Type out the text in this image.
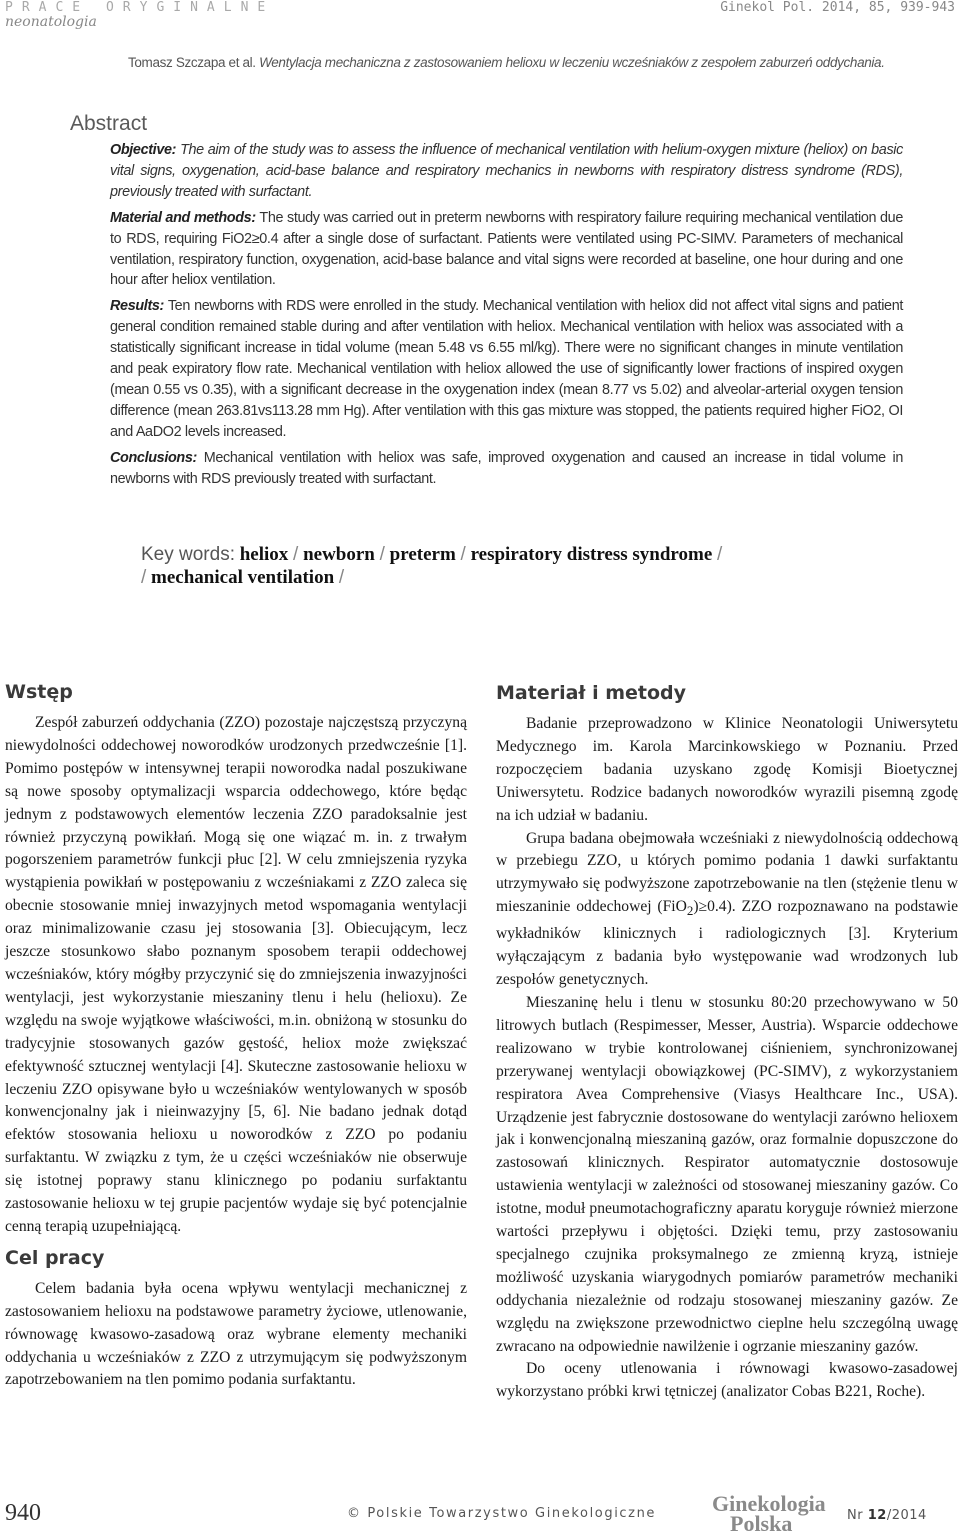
PRACE ORYGINALNE
neonatologia
Ginekol Pol. 2014, 85, 939-943
Tomasz Szczapa et al. Wentylacja mechaniczna z zastosowaniem helioxu w leczeniu wcześniaków z zespołem zaburzeń oddychania.
Abstract

Objective: The aim of the study was to assess the influence of mechanical ventilation with helium-oxygen mixture (heliox) on basic vital signs, oxygenation, acid-base balance and respiratory mechanics in newborns with respiratory distress syndrome (RDS), previously treated with surfactant.

Material and methods: The study was carried out in preterm newborns with respiratory failure requiring mechanical ventilation due to RDS, requiring FiO2≥0.4 after a single dose of surfactant. Patients were ventilated using PC-SIMV. Parameters of mechanical ventilation, respiratory function, oxygenation, acid-base balance and vital signs were recorded at baseline, one hour during and one hour after heliox ventilation.

Results: Ten newborns with RDS were enrolled in the study. Mechanical ventilation with heliox did not affect vital signs and patient general condition remained stable during and after ventilation with heliox. Mechanical ventilation with heliox was associated with a statistically significant increase in tidal volume (mean 5.48 vs 6.55 ml/kg). There were no significant changes in minute ventilation and peak expiratory flow rate. Mechanical ventilation with heliox allowed the use of significantly lower fractions of inspired oxygen (mean 0.55 vs 0.35), with a significant decrease in the oxygenation index (mean 8.77 vs 5.02) and alveolar-arterial oxygen tension difference (mean 263.81vs113.28 mm Hg). After ventilation with this gas mixture was stopped, the patients required higher FiO2, OI and AaDO2 levels increased.

Conclusions: Mechanical ventilation with heliox was safe, improved oxygenation and caused an increase in tidal volume in newborns with RDS previously treated with surfactant.

Key words: heliox / newborn / preterm / respiratory distress syndrome /
/ mechanical ventilation /
Wstęp

Zespół zaburzeń oddychania (ZZO) pozostaje najczęstszą przyczyną niewydolności oddechowej noworodków urodzonych przedwcześnie [1]. Pomimo postępów w intensywnej terapii noworodka nadal poszukiwane są nowe sposoby optymalizacji wsparcia oddechowego, które będąc jednym z podstawowych elementów leczenia ZZO paradoksalnie jest również przyczyną powikłań. Mogą się one wiązać m. in. z trwałym pogorszeniem parametrów funkcji płuc [2]. W celu zmniejszenia ryzyka wystąpienia powikłań w postępowaniu z wcześniakami z ZZO zaleca się obecnie stosowanie mniej inwazyjnych metod wspomagania wentylacji oraz minimalizowanie czasu jej stosowania [3]. Obiecującym, lecz jeszcze stosunkowo słabo poznanym sposobem terapii oddechowej wcześniaków, który mógłby przyczynić się do zmniejszenia inwazyjności wentylacji, jest wykorzystanie mieszaniny tlenu i helu (helioxu). Ze względu na swoje wyjątkowe właściwości, m.in. obniżoną w stosunku do tradycyjnie stosowanych gazów gęstość, heliox może zwiększać efektywność sztucznej wentylacji [4]. Skuteczne zastosowanie helioxu w leczeniu ZZO opisywane było u wcześniaków wentylowanych w sposób konwencjonalny jak i nieinwazyjny [5, 6]. Nie badano jednak dotąd efektów stosowania helioxu u noworodków z ZZO po podaniu surfaktantu. W związku z tym, że u części wcześniaków nie obserwuje się istotnej poprawy stanu klinicznego po podaniu surfaktantu zastosowanie helioxu w tej grupie pacjentów wydaje się być potencjalnie cenną terapią uzupełniającą.

Cel pracy

Celem badania była ocena wpływu wentylacji mechanicznej z zastosowaniem helioxu na podstawowe parametry życiowe, utlenowanie, równowagę kwasowo-zasadową oraz wybrane elementy mechaniki oddychania u wcześniaków z ZZO z utrzymującym się podwyższonym zapotrzebowaniem na tlen pomimo podania surfaktantu.

Materiał i metody

Badanie przeprowadzono w Klinice Neonatologii Uniwersytetu Medycznego im. Karola Marcinkowskiego w Poznaniu. Przed rozpoczęciem badania uzyskano zgodę Komisji Bioetycznej Uniwersytetu. Rodzice badanych noworodków wyrazili pisemną zgodę na ich udział w badaniu.

Grupa badana obejmowała wcześniaki z niewydolnością oddechową w przebiegu ZZO, u których pomimo podania 1 dawki surfaktantu utrzymywało się podwyższone zapotrzebowanie na tlen (stężenie tlenu w mieszaninie oddechowej (FiO$_2$)≥0.4). ZZO rozpoznawano na podstawie wykładników klinicznych i radiologicznych [3]. Kryterium wyłączającym z badania było występowanie wad wrodzonych lub zespołów genetycznych.

Mieszaninę helu i tlenu w stosunku 80:20 przechowywano w 50 litrowych butlach (Respimesser, Messer, Austria). Wsparcie oddechowe realizowano w trybie kontrolowanej ciśnieniem, synchronizowanej przerywanej wentylacji obowiązkowej (PC-SIMV), z wykorzystaniem respiratora Avea Comprehensive (Viasys Healthcare Inc., USA). Urządzenie jest fabrycznie dostosowane do wentylacji zarówno helioxem jak i konwencjonalną mieszaniną gazów, oraz formalnie dopuszczone do zastosowań klinicznych. Respirator automatycznie dostosowuje ustawienia wentylacji w zależności od stosowanej mieszaniny gazów. Co istotne, moduł pneumotachograficzny aparatu koryguje również mierzone wartości przepływu i objętości. Dzięki temu, przy zastosowaniu specjalnego czujnika proksymalnego ze zmienną kryzą, istnieje możliwość uzyskania wiarygodnych pomiarów parametrów mechaniki oddychania niezależnie od rodzaju stosowanej mieszaniny gazów. Ze względu na zwiększone przewodnictwo cieplne helu szczególną uwagę zwracano na odpowiednie nawilżenie i ogrzanie mieszaniny gazów.

Do oceny utlenowania i równowagi kwasowo-zasadowej wykorzystano próbki krwi tętniczej (analizator Cobas B221, Roche).

940	© Polskie Towarzystwo Ginekologiczne	Ginekologia
Polska	Nr 12/2014
